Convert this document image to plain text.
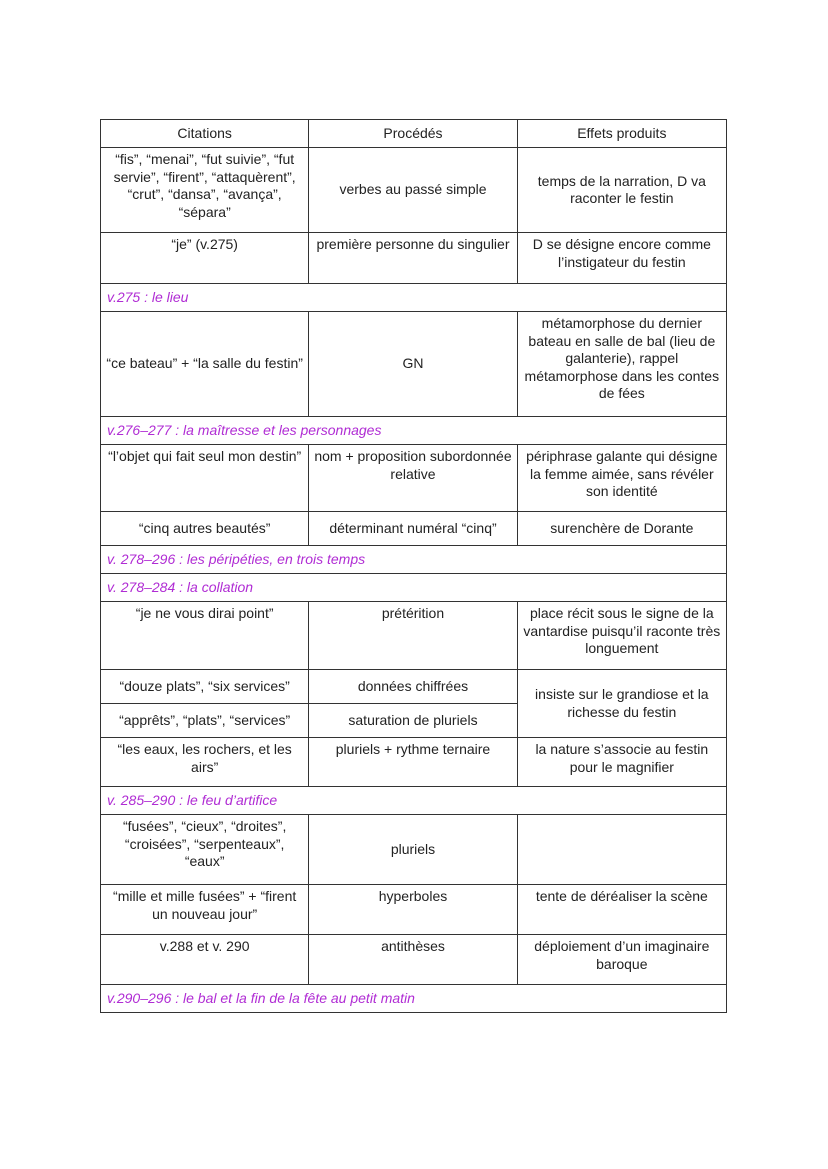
Citations	Procédés	Effets produits
“fis”, “menai”, “fut suivie”, “fut servie”, “firent”, “attaquèrent”, “crut”, “dansa”, “avança”, “sépara”	verbes au passé simple	temps de la narration, D va raconter le festin
“je” (v.275)	première personne du singulier	D se désigne encore comme l’instigateur du festin
v.275 : le lieu		
“ce bateau” + “la salle du festin”	GN	métamorphose du dernier bateau en salle de bal (lieu de galanterie), rappel métamorphose dans les contes de fées
v.276–277 : la maîtresse et les personnages		
“l’objet qui fait seul mon destin”	nom + proposition subordonnée relative	périphrase galante qui désigne la femme aimée, sans révéler son identité
“cinq autres beautés”	déterminant numéral “cinq”	surenchère de Dorante
v. 278–296 : les péripéties, en trois temps		
v. 278–284 : la collation		
“je ne vous dirai point”	prétérition	place récit sous le signe de la vantardise puisqu’il raconte très longuement
“douze plats”, “six services”	données chiffrées	insiste sur le grandiose et la richesse du festin
“apprêts”, “plats”, “services”	saturation de pluriels	
“les eaux, les rochers, et les airs”	pluriels + rythme ternaire	la nature s’associe au festin pour le magnifier
v. 285–290 : le feu d’artifice		
“fusées”, “cieux”, “droites”, “croisées”, “serpenteaux”, “eaux”	pluriels	
“mille et mille fusées” + “firent un nouveau jour”	hyperboles	tente de déréaliser la scène
v.288 et v. 290	antithèses	déploiement d’un imaginaire baroque
v.290–296 : le bal et la fin de la fête au petit matin		
